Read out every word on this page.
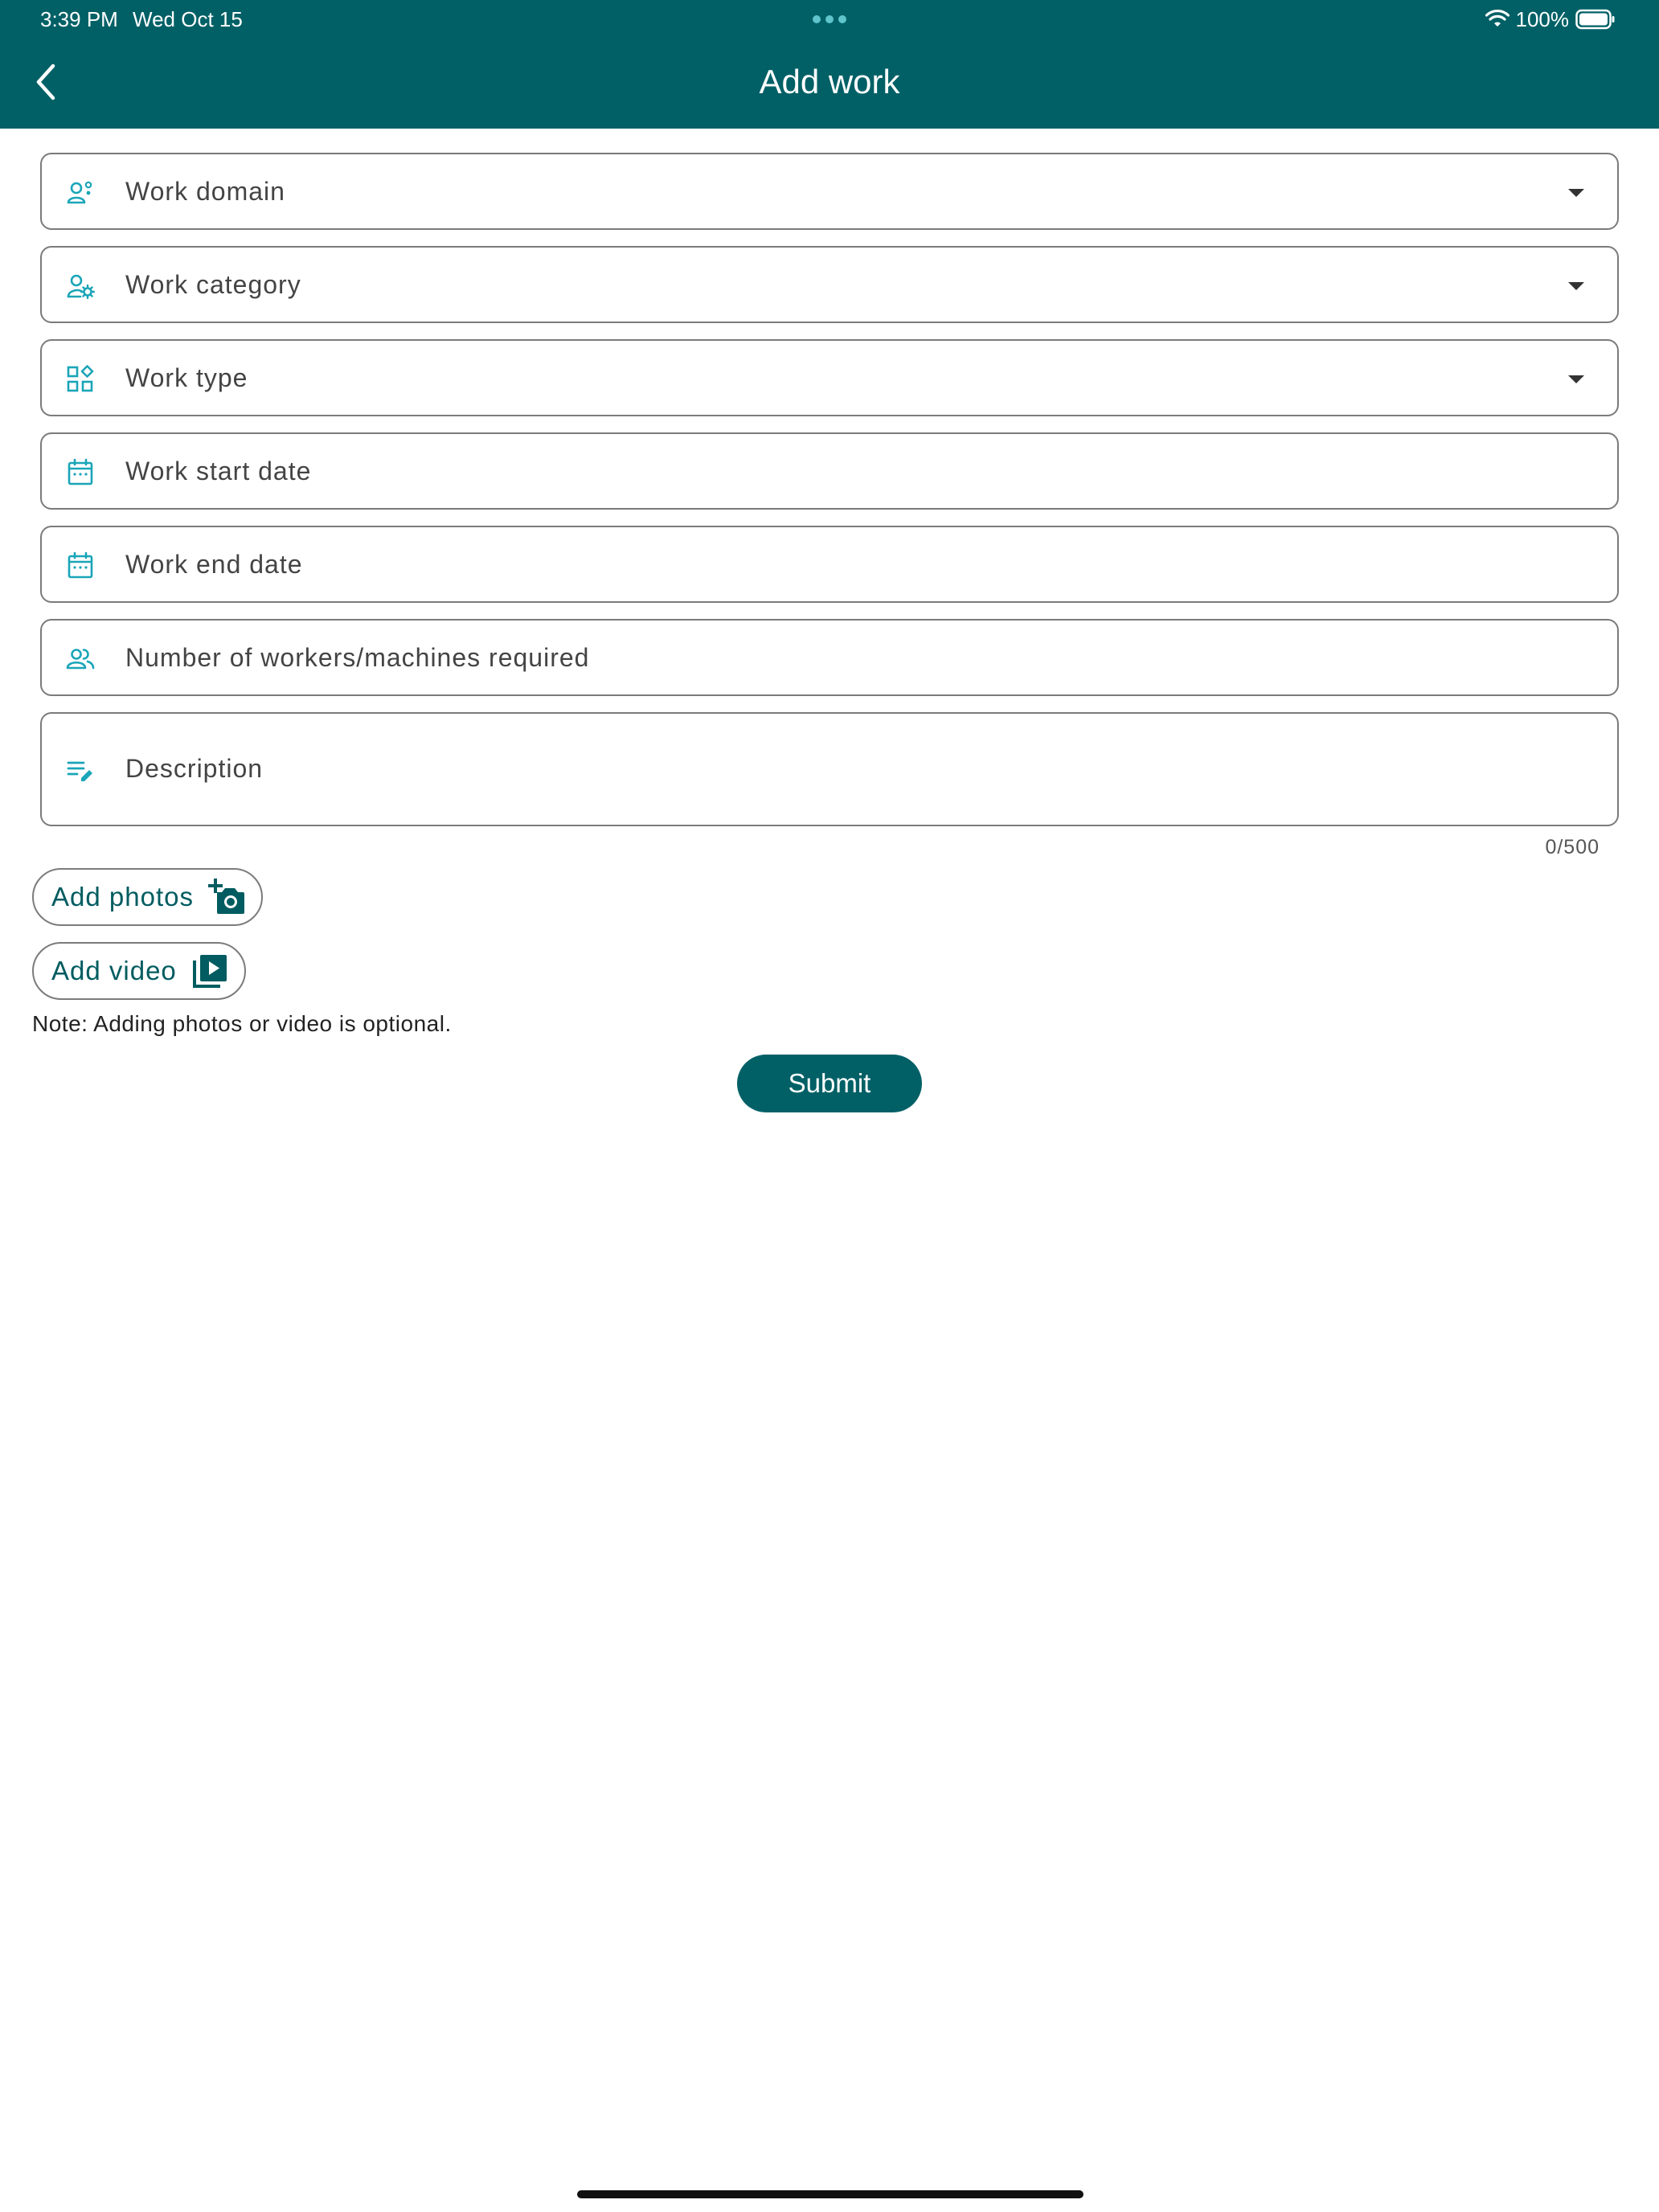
3:39 PM Wed Oct 15	100%
Add work
Work domain
Work category
Work type
Work start date
Work end date
Number of workers/machines required
Description
0/500
Add photos
Add video
Note: Adding photos or video is optional.
Submit
